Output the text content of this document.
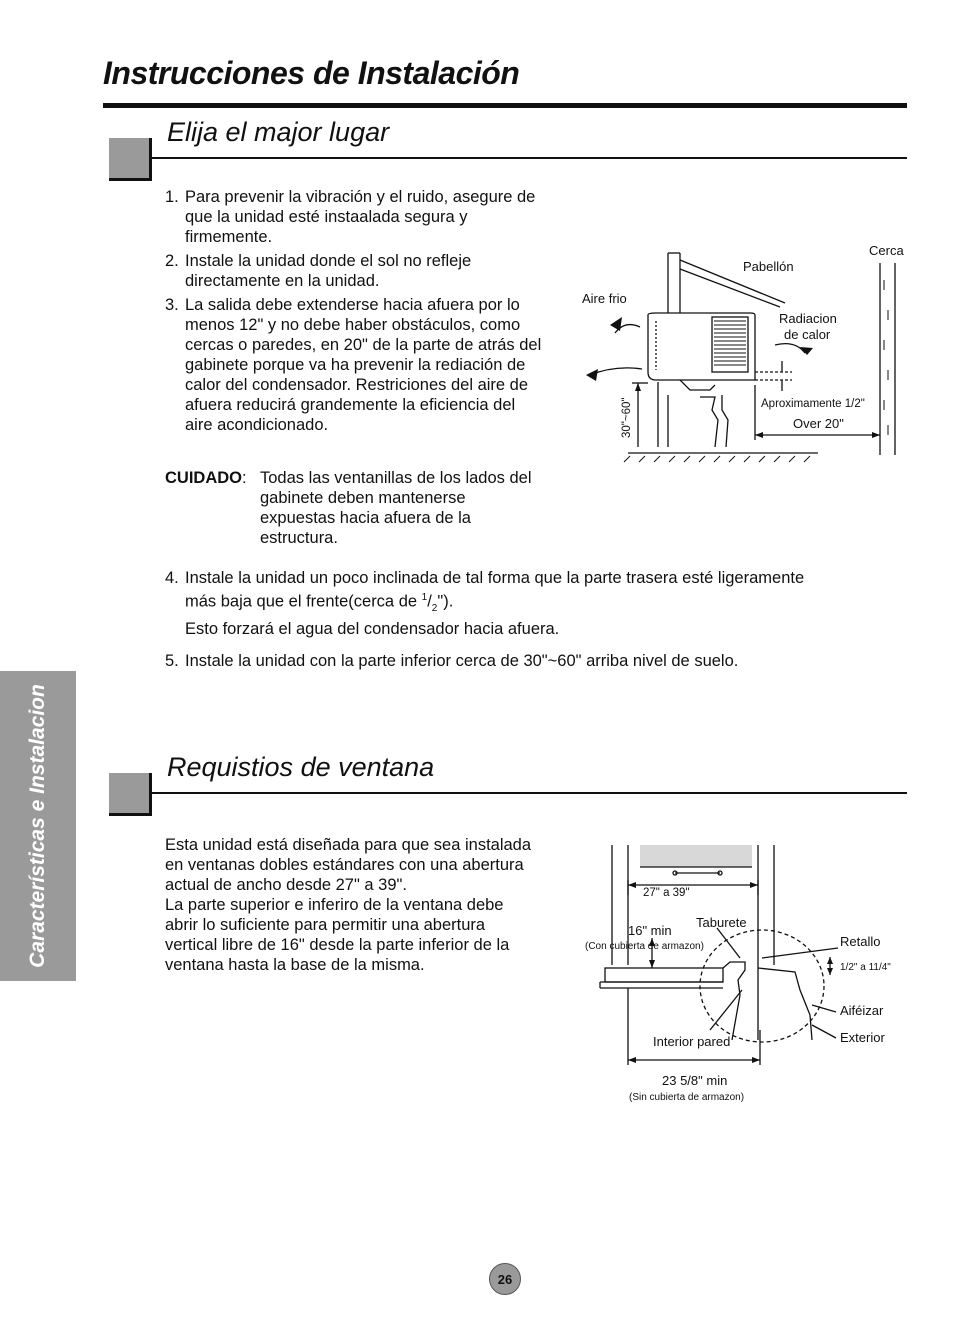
Instrucciones de Instalación
Elija el major lugar

1. Para prevenir la vibración y el ruido, asegure de que la unidad esté instaalada segura y firmemente.

2. Instale la unidad donde el sol no refleje directamente en la unidad.

3. La salida debe extenderse hacia afuera por lo menos 12" y no debe haber obstáculos, como cercas o paredes, en 20" de la parte de atrás del gabinete porque va ha prevenir la rediación de calor del condensador. Restriciones del aire de afuera reducirá grandemente la eficiencia del aire acondicionado.

CUIDADO: Todas las ventanillas de los lados del gabinete deben mantenerse expuestas hacia afuera de la estructura.
4. Instale la unidad un poco inclinada de tal forma que la parte trasera esté ligeramente
más baja que el frente(cerca de $^1/_2$").
Esto forzará el agua del condensador hacia afuera.
5. Instale la unidad con la parte inferior cerca de 30"~60" arriba nivel de suelo.
Cerca
Pabellón
Aire frio
Radiacion
de calor
Aproximamente 1/2"
Over 20"
30"~60"
Requistios de ventana
Esta unidad está diseñada para que sea instalada en ventanas dobles estándares con una abertura actual de ancho desde 27" a 39".
La parte superior e inferiro de la ventana debe abrir lo suficiente para permitir una abertura vertical libre de 16" desde la parte inferior de la ventana hasta la base de la misma.
27" a 39"
16" min
(Con cubierta de armazon)
Taburete
Retallo
1/2" a 11/4"
Aiféizar
Exterior
Interior pared
23 5/8" min
(Sin cubierta de armazon)
Características e Instalacion
26
